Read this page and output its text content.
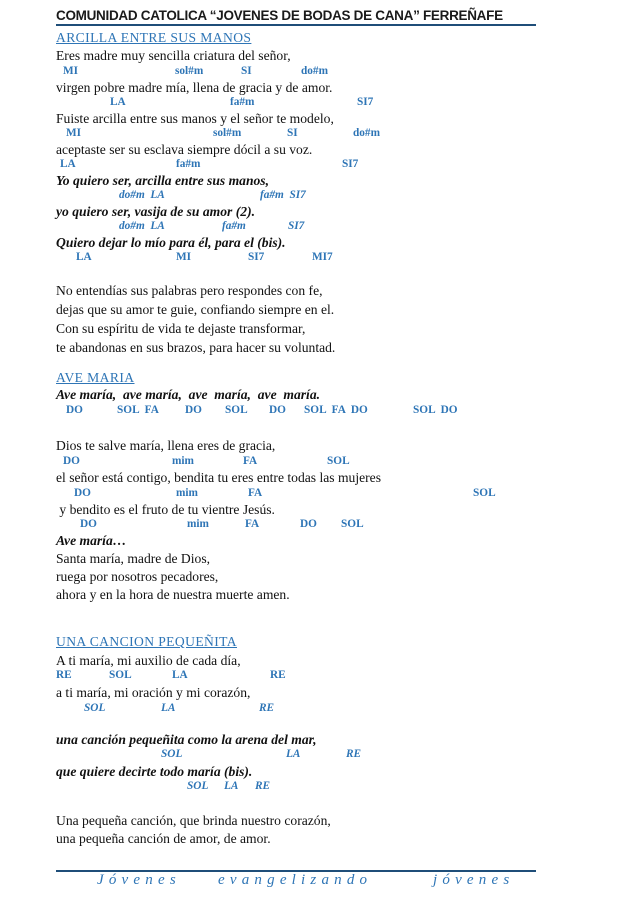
COMUNIDAD CATOLICA “JOVENES DE BODAS DE CANA” FERREÑAFE
ARCILLA ENTRE SUS MANOS
Eres madre muy sencilla criatura del señor,
MI	sol#m	SI	do#m
virgen pobre madre mía, llena de gracia y de amor.
LA	fa#m	SI7
Fuiste arcilla entre sus manos y el señor te modelo,
MI	sol#m	SI	do#m
aceptaste ser su esclava siempre dócil a su voz.
LA	fa#m	SI7
Yo quiero ser, arcilla entre sus manos,
do#m  LA	fa#m  SI7
yo quiero ser, vasija de su amor (2).
do#m  LA	fa#m	SI7
Quiero dejar lo mío para él, para el (bis).
LA	MI	SI7	MI7
No entendías sus palabras pero respondes con fe,
dejas que su amor te guie, confiando siempre en el.
Con su espíritu de vida te dejaste transformar,
te abandonas en sus brazos, para hacer su voluntad.
AVE MARIA
Ave maría,  ave maría,  ave  maría,  ave  maría.
DO	SOL  FA DO SOL DO SOL  FA  DO	SOL  DO
Dios te salve maría, llena eres de gracia,
DO	mim	FA	SOL
el señor está contigo, bendita tu eres entre todas las mujeres
DO	mim	FA	SOL
y bendito es el fruto de tu vientre Jesús.
DO	mim	FA	DO SOL
Ave maría…
Santa maría, madre de Dios,
ruega por nosotros pecadores,
ahora y en la hora de nuestra muerte amen.
UNA CANCION PEQUEÑITA
A ti maría, mi auxilio de cada día,
RE	SOL	LA	RE
a ti maría, mi oración y mi corazón,
SOL	LA	RE
una canción pequeñita como la arena del mar,
SOL	LA	RE
que quiere decirte todo maría (bis).
SOL LA RE
Una pequeña canción, que brinda nuestro corazón,
una pequeña canción de amor, de amor.
Jóvenes evangelizando	jóvenes
